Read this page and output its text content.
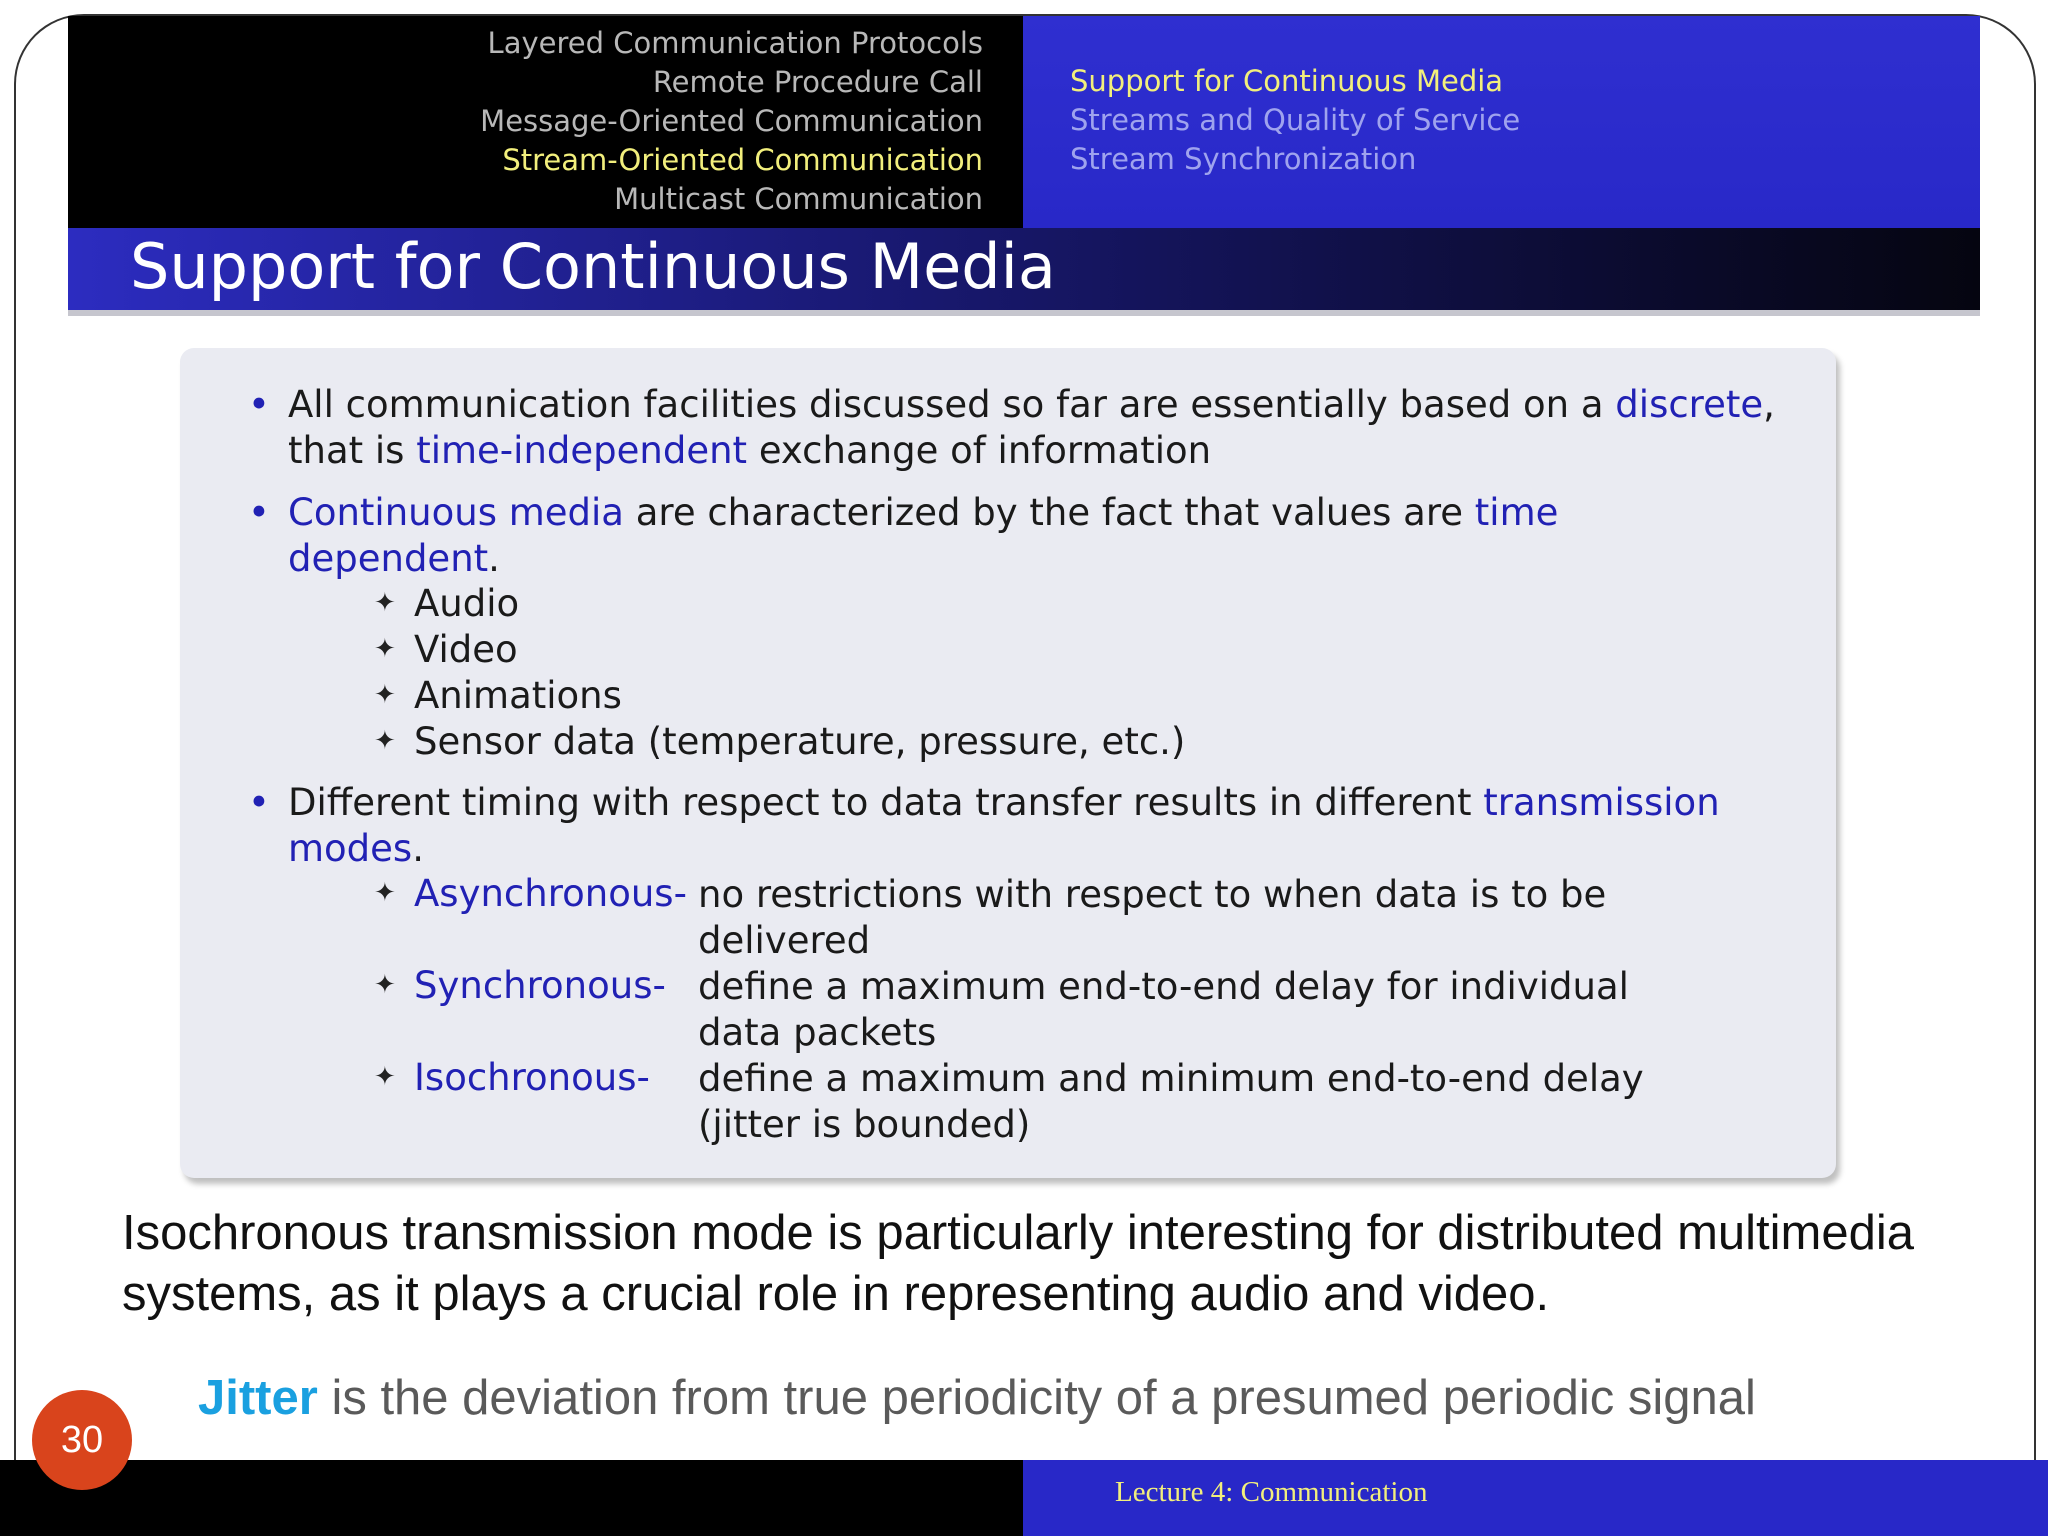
Layered Communication Protocols
Remote Procedure Call
Message-Oriented Communication
Stream-Oriented Communication
Multicast Communication
Support for Continuous Media
Streams and Quality of Service
Stream Synchronization
Support for Continuous Media
• All communication facilities discussed so far are essentially based on a discrete,
that is time-independent exchange of information
• Continuous media are characterized by the fact that values are time
dependent.
✦ Audio
✦ Video
✦ Animations
✦ Sensor data (temperature, pressure, etc.)
• Different timing with respect to data transfer results in different transmission
modes.
✦ Asynchronous- no restrictions with respect to when data is to be delivered
✦ Synchronous- define a maximum end-to-end delay for individual data packets
✦ Isochronous- define a maximum and minimum end-to-end delay (jitter is bounded)
Isochronous transmission mode is particularly interesting for distributed multimedia systems, as it plays a crucial role in representing audio and video.
Jitter is the deviation from true periodicity of a presumed periodic signal
Lecture 4: Communication
30
